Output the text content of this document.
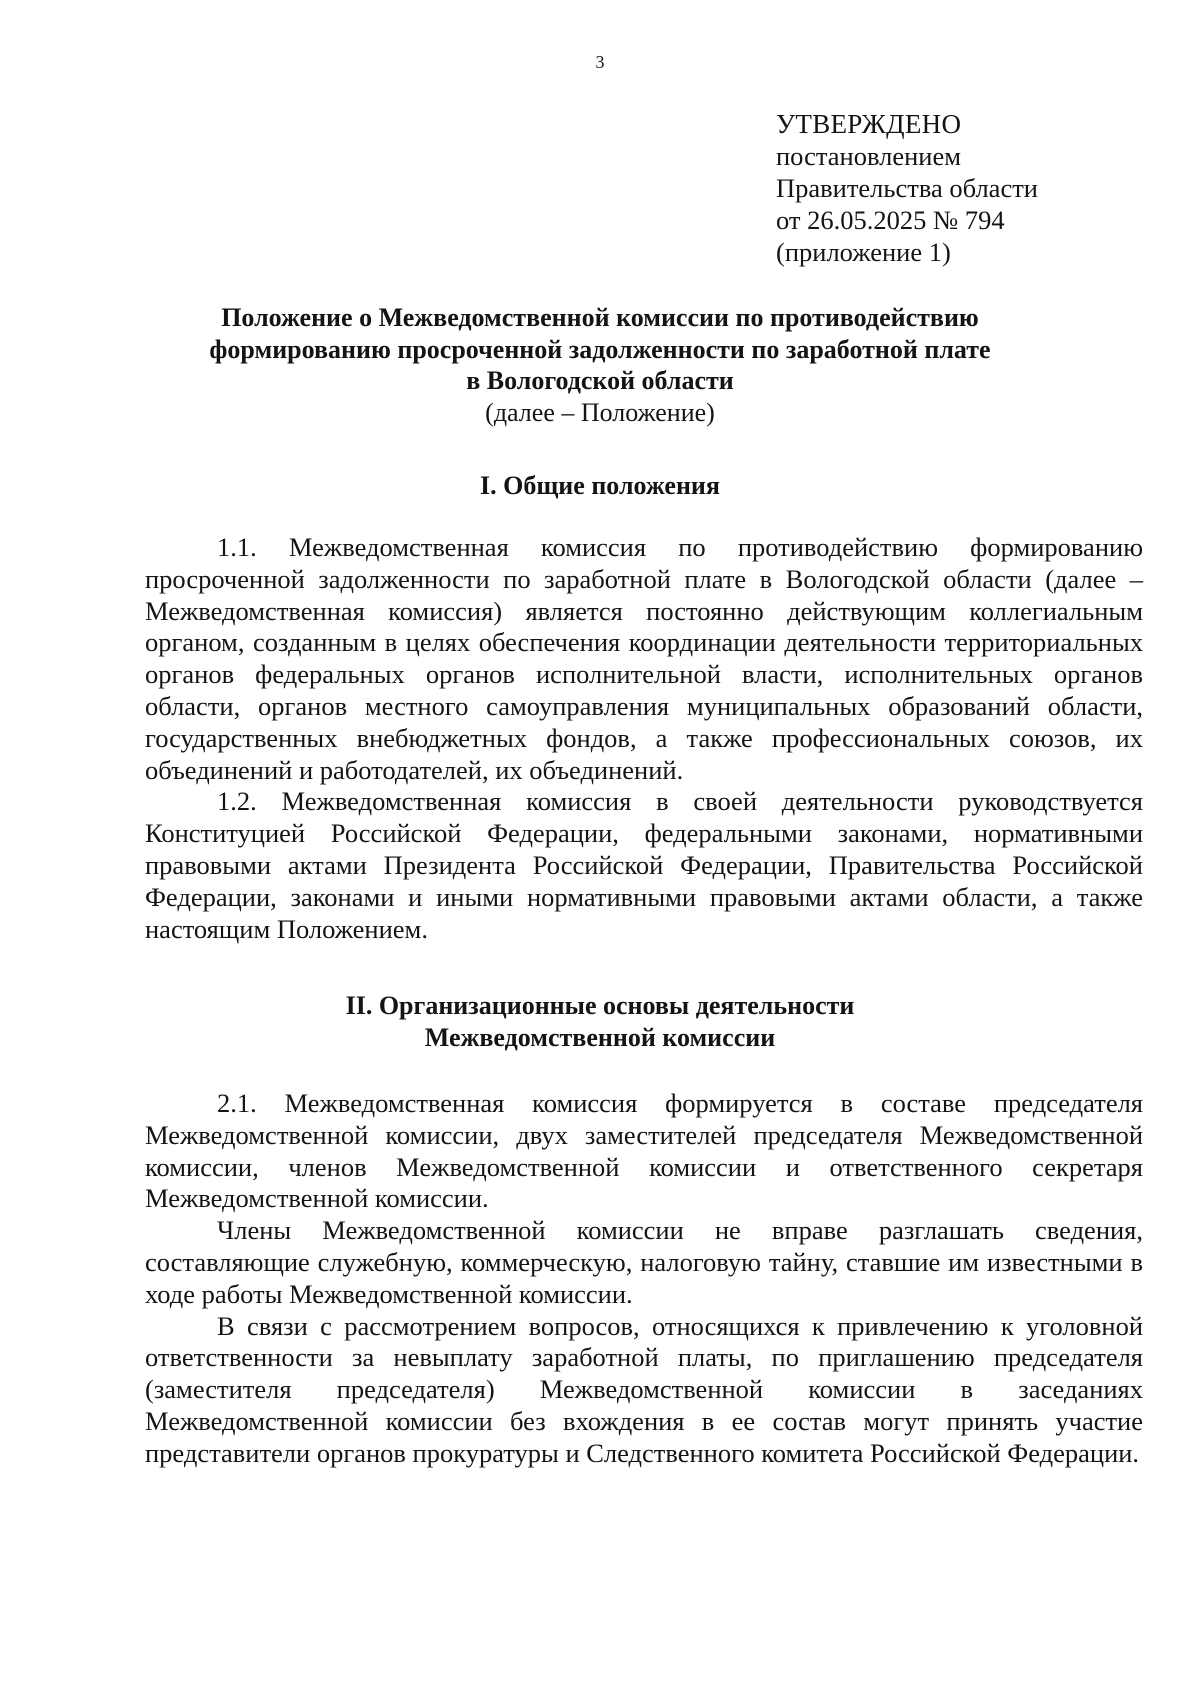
3
УТВЕРЖДЕНО
постановлением
Правительства области
от 26.05.2025 № 794
(приложение 1)
Положение о Межведомственной комиссии по противодействию
формированию просроченной задолженности по заработной плате
в Вологодской области
(далее – Положение)
I. Общие положения

1.1. Межведомственная комиссия по противодействию формированию просроченной задолженности по заработной плате в Вологодской области (далее – Межведомственная комиссия) является постоянно действующим коллегиальным органом, созданным в целях обеспечения координации деятельности территориальных органов федеральных органов исполнительной власти, исполнительных органов области, органов местного самоуправления муниципальных образований области, государственных внебюджетных фондов, а также профессиональных союзов, их объединений и работодателей, их объединений.

1.2. Межведомственная комиссия в своей деятельности руководствуется Конституцией Российской Федерации, федеральными законами, нормативными правовыми актами Президента Российской Федерации, Правительства Российской Федерации, законами и иными нормативными правовыми актами области, а также настоящим Положением.

II. Организационные основы деятельности
Межведомственной комиссии

2.1. Межведомственная комиссия формируется в составе председателя Межведомственной комиссии, двух заместителей председателя Межведомственной комиссии, членов Межведомственной комиссии и ответственного секретаря Межведомственной комиссии.

Члены Межведомственной комиссии не вправе разглашать сведения, составляющие служебную, коммерческую, налоговую тайну, ставшие им известными в ходе работы Межведомственной комиссии.

В связи с рассмотрением вопросов, относящихся к привлечению к уголовной ответственности за невыплату заработной платы, по приглашению председателя (заместителя председателя) Межведомственной комиссии в заседаниях Межведомственной комиссии без вхождения в ее состав могут принять участие представители органов прокуратуры и Следственного комитета Российской Федерации.
